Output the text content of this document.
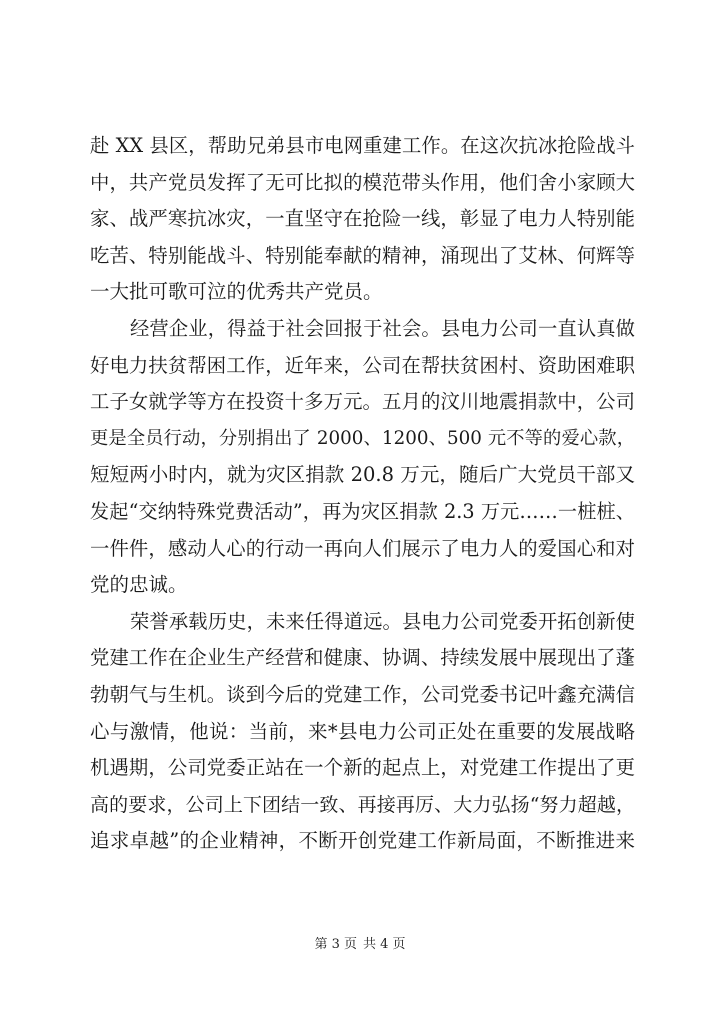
赴 XX 县区，帮助兄弟县市电网重建工作。在这次抗冰抢险战斗
中，共产党员发挥了无可比拟的模范带头作用，他们舍小家顾大
家、战严寒抗冰灾，一直坚守在抢险一线，彰显了电力人特别能
吃苦、特别能战斗、特别能奉献的精神，涌现出了艾林、何辉等
一大批可歌可泣的优秀共产党员。
经营企业，得益于社会回报于社会。县电力公司一直认真做
好电力扶贫帮困工作，近年来，公司在帮扶贫困村、资助困难职
工子女就学等方在投资十多万元。五月的汶川地震捐款中，公司
更是全员行动，分别捐出了 2000、1200、500 元不等的爱心款，
短短两小时内，就为灾区捐款 20.8 万元，随后广大党员干部又
发起“交纳特殊党费活动”，再为灾区捐款 2.3 万元……一桩桩、
一件件，感动人心的行动一再向人们展示了电力人的爱国心和对
党的忠诚。
荣誉承载历史，未来任得道远。县电力公司党委开拓创新使
党建工作在企业生产经营和健康、协调、持续发展中展现出了蓬
勃朝气与生机。谈到今后的党建工作，公司党委书记叶鑫充满信
心与激情，他说：当前，来*县电力公司正处在重要的发展战略
机遇期，公司党委正站在一个新的起点上，对党建工作提出了更
高的要求，公司上下团结一致、再接再厉、大力弘扬“努力超越，
追求卓越”的企业精神，不断开创党建工作新局面，不断推进来
第 3 页 共 4 页
